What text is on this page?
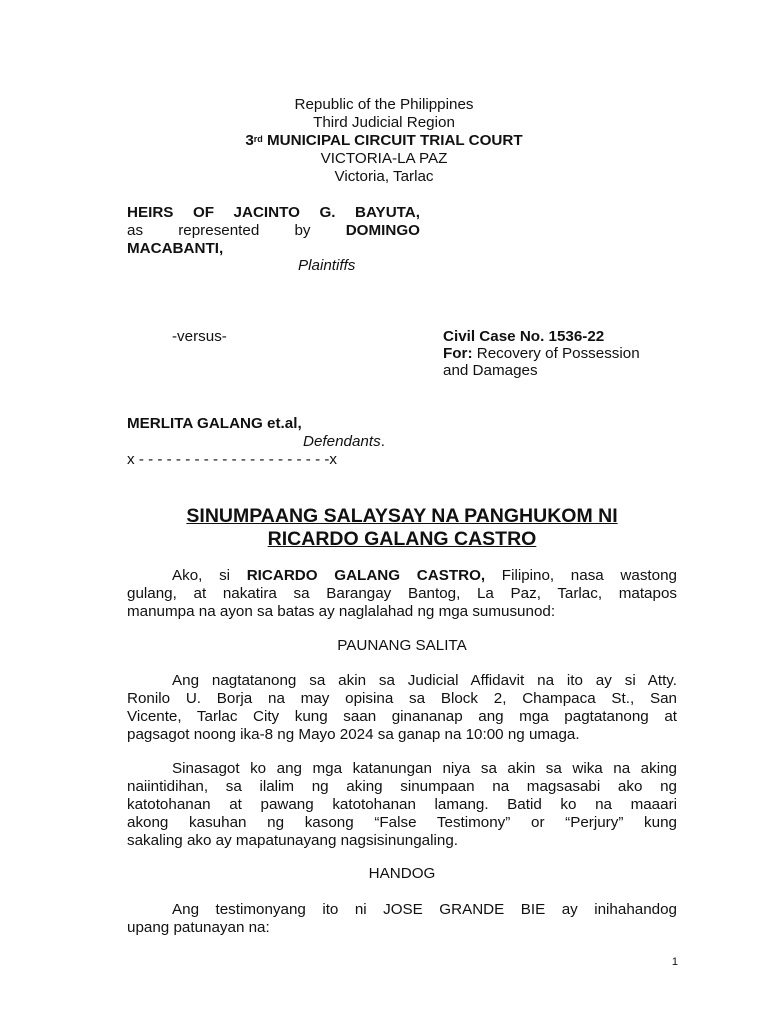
Republic of the Philippines
Third Judicial Region
3rd MUNICIPAL CIRCUIT TRIAL COURT
VICTORIA-LA PAZ
Victoria, Tarlac
HEIRS OF JACINTO G. BAYUTA,
as represented by DOMINGO
MACABANTI,
Plaintiffs
-versus-	Civil Case No. 1536-22
For: Recovery of Possession
and Damages
MERLITA GALANG et.al,
Defendants.
x - - - - - - - - - - - - - - - - - - - - -x
SINUMPAANG SALAYSAY NA PANGHUKOM NI
RICARDO GALANG CASTRO
Ako, si RICARDO GALANG CASTRO, Filipino, nasa wastong
gulang, at nakatira sa Barangay Bantog, La Paz, Tarlac, matapos
manumpa na ayon sa batas ay naglalahad ng mga sumusunod:
PAUNANG SALITA
Ang nagtatanong sa akin sa Judicial Affidavit na ito ay si Atty.
Ronilo U. Borja na may opisina sa Block 2, Champaca St., San
Vicente, Tarlac City kung saan ginananap ang mga pagtatanong at
pagsagot noong ika-8 ng Mayo 2024 sa ganap na 10:00 ng umaga.
Sinasagot ko ang mga katanungan niya sa akin sa wika na aking
naiintidihan, sa ilalim ng aking sinumpaan na magsasabi ako ng
katotohanan at pawang katotohanan lamang. Batid ko na maaari
akong kasuhan ng kasong “False Testimony” or “Perjury” kung
sakaling ako ay mapatunayang nagsisinungaling.
HANDOG
Ang testimonyang ito ni JOSE GRANDE BIE ay inihahandog
upang patunayan na:
1
